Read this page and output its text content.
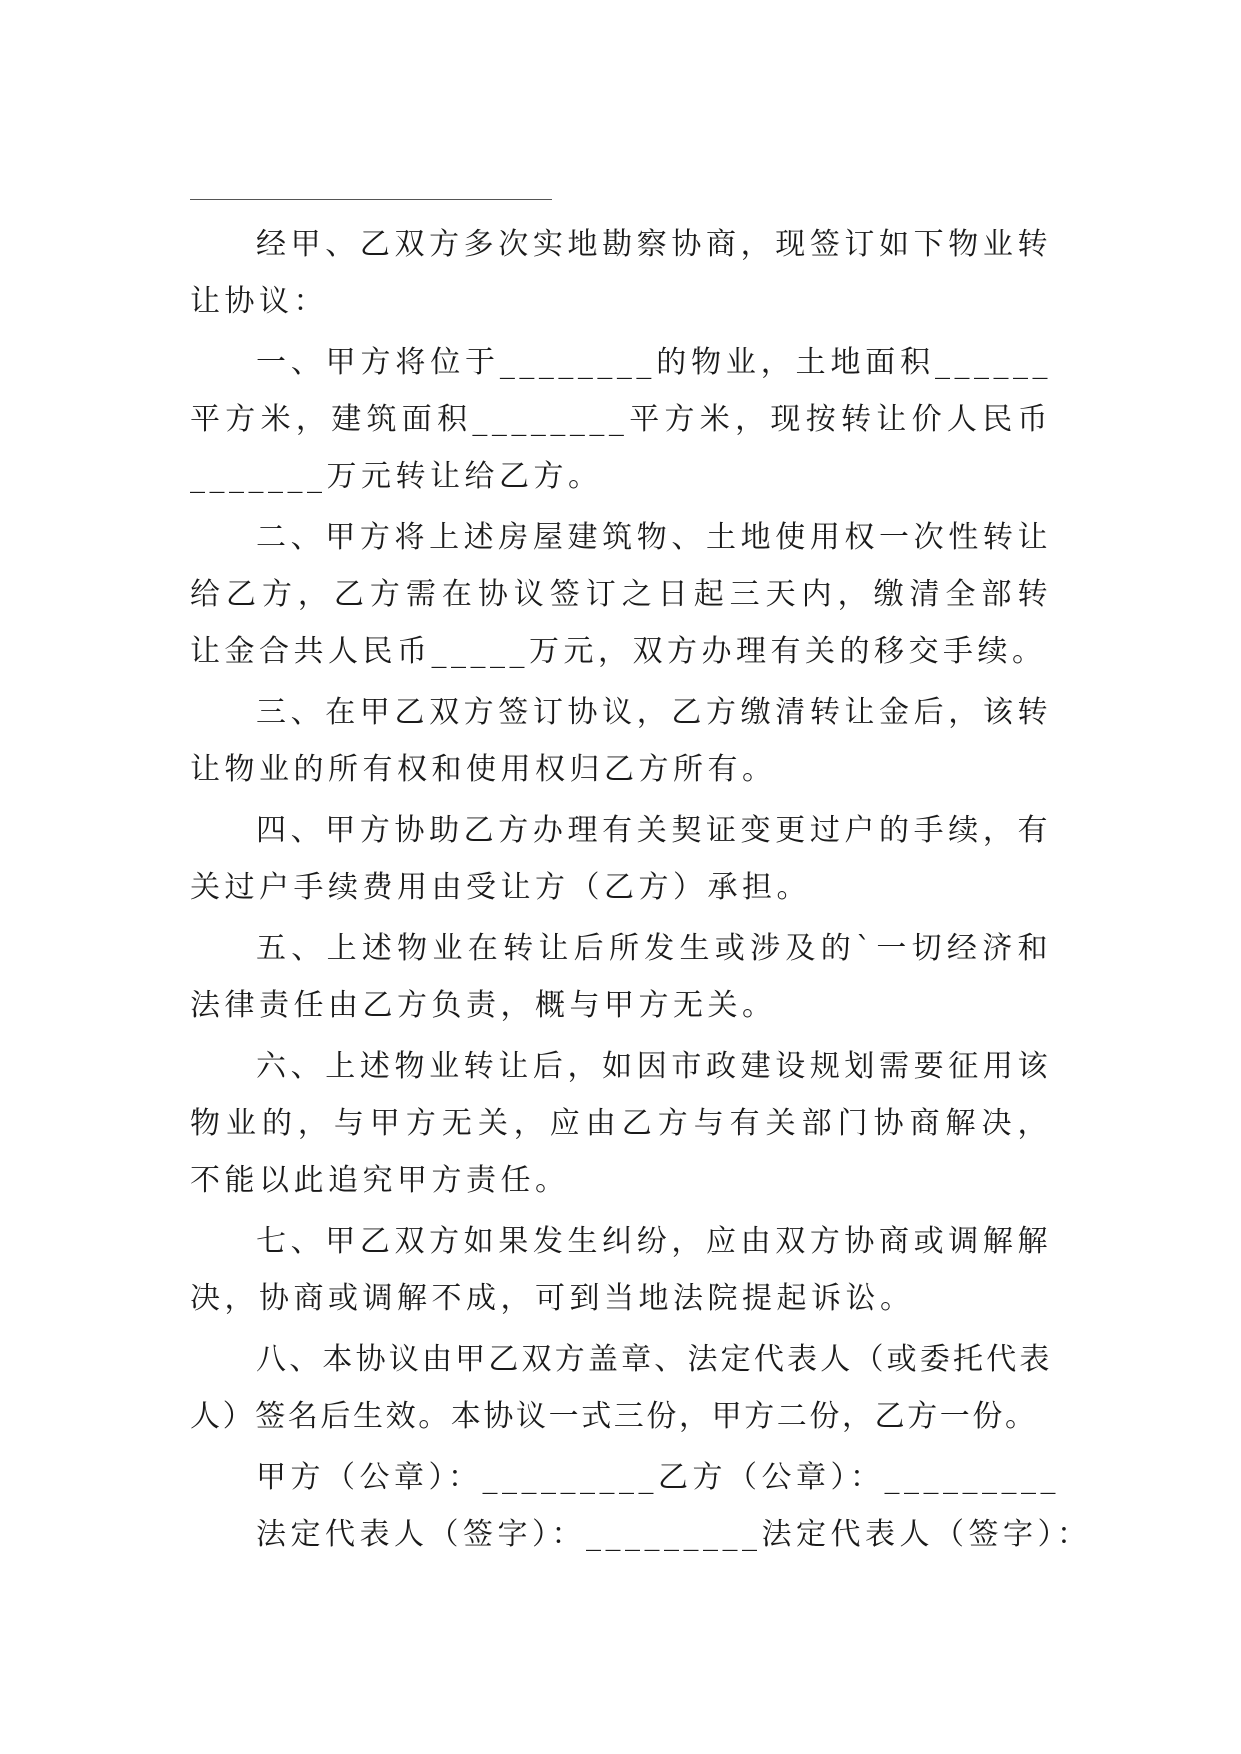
经甲、乙双方多次实地勘察协商，现签订如下物业转让协议：

一、甲方将位于________的物业，土地面积______平方米，建筑面积________平方米，现按转让价人民币_______万元转让给乙方。

二、甲方将上述房屋建筑物、土地使用权一次性转让给乙方，乙方需在协议签订之日起三天内，缴清全部转让金合共人民币_____万元，双方办理有关的移交手续。

三、在甲乙双方签订协议，乙方缴清转让金后，该转让物业的所有权和使用权归乙方所有。

四、甲方协助乙方办理有关契证变更过户的手续，有关过户手续费用由受让方（乙方）承担。

五、上述物业在转让后所发生或涉及的`一切经济和法律责任由乙方负责，概与甲方无关。

六、上述物业转让后，如因市政建设规划需要征用该物业的，与甲方无关，应由乙方与有关部门协商解决，不能以此追究甲方责任。

七、甲乙双方如果发生纠纷，应由双方协商或调解解决，协商或调解不成，可到当地法院提起诉讼。

八、本协议由甲乙双方盖章、法定代表人（或委托代表人）签名后生效。本协议一式三份，甲方二份，乙方一份。

甲方（公章）：_________乙方（公章）：_________

法定代表人（签字）：_________法定代表人（签字）：
